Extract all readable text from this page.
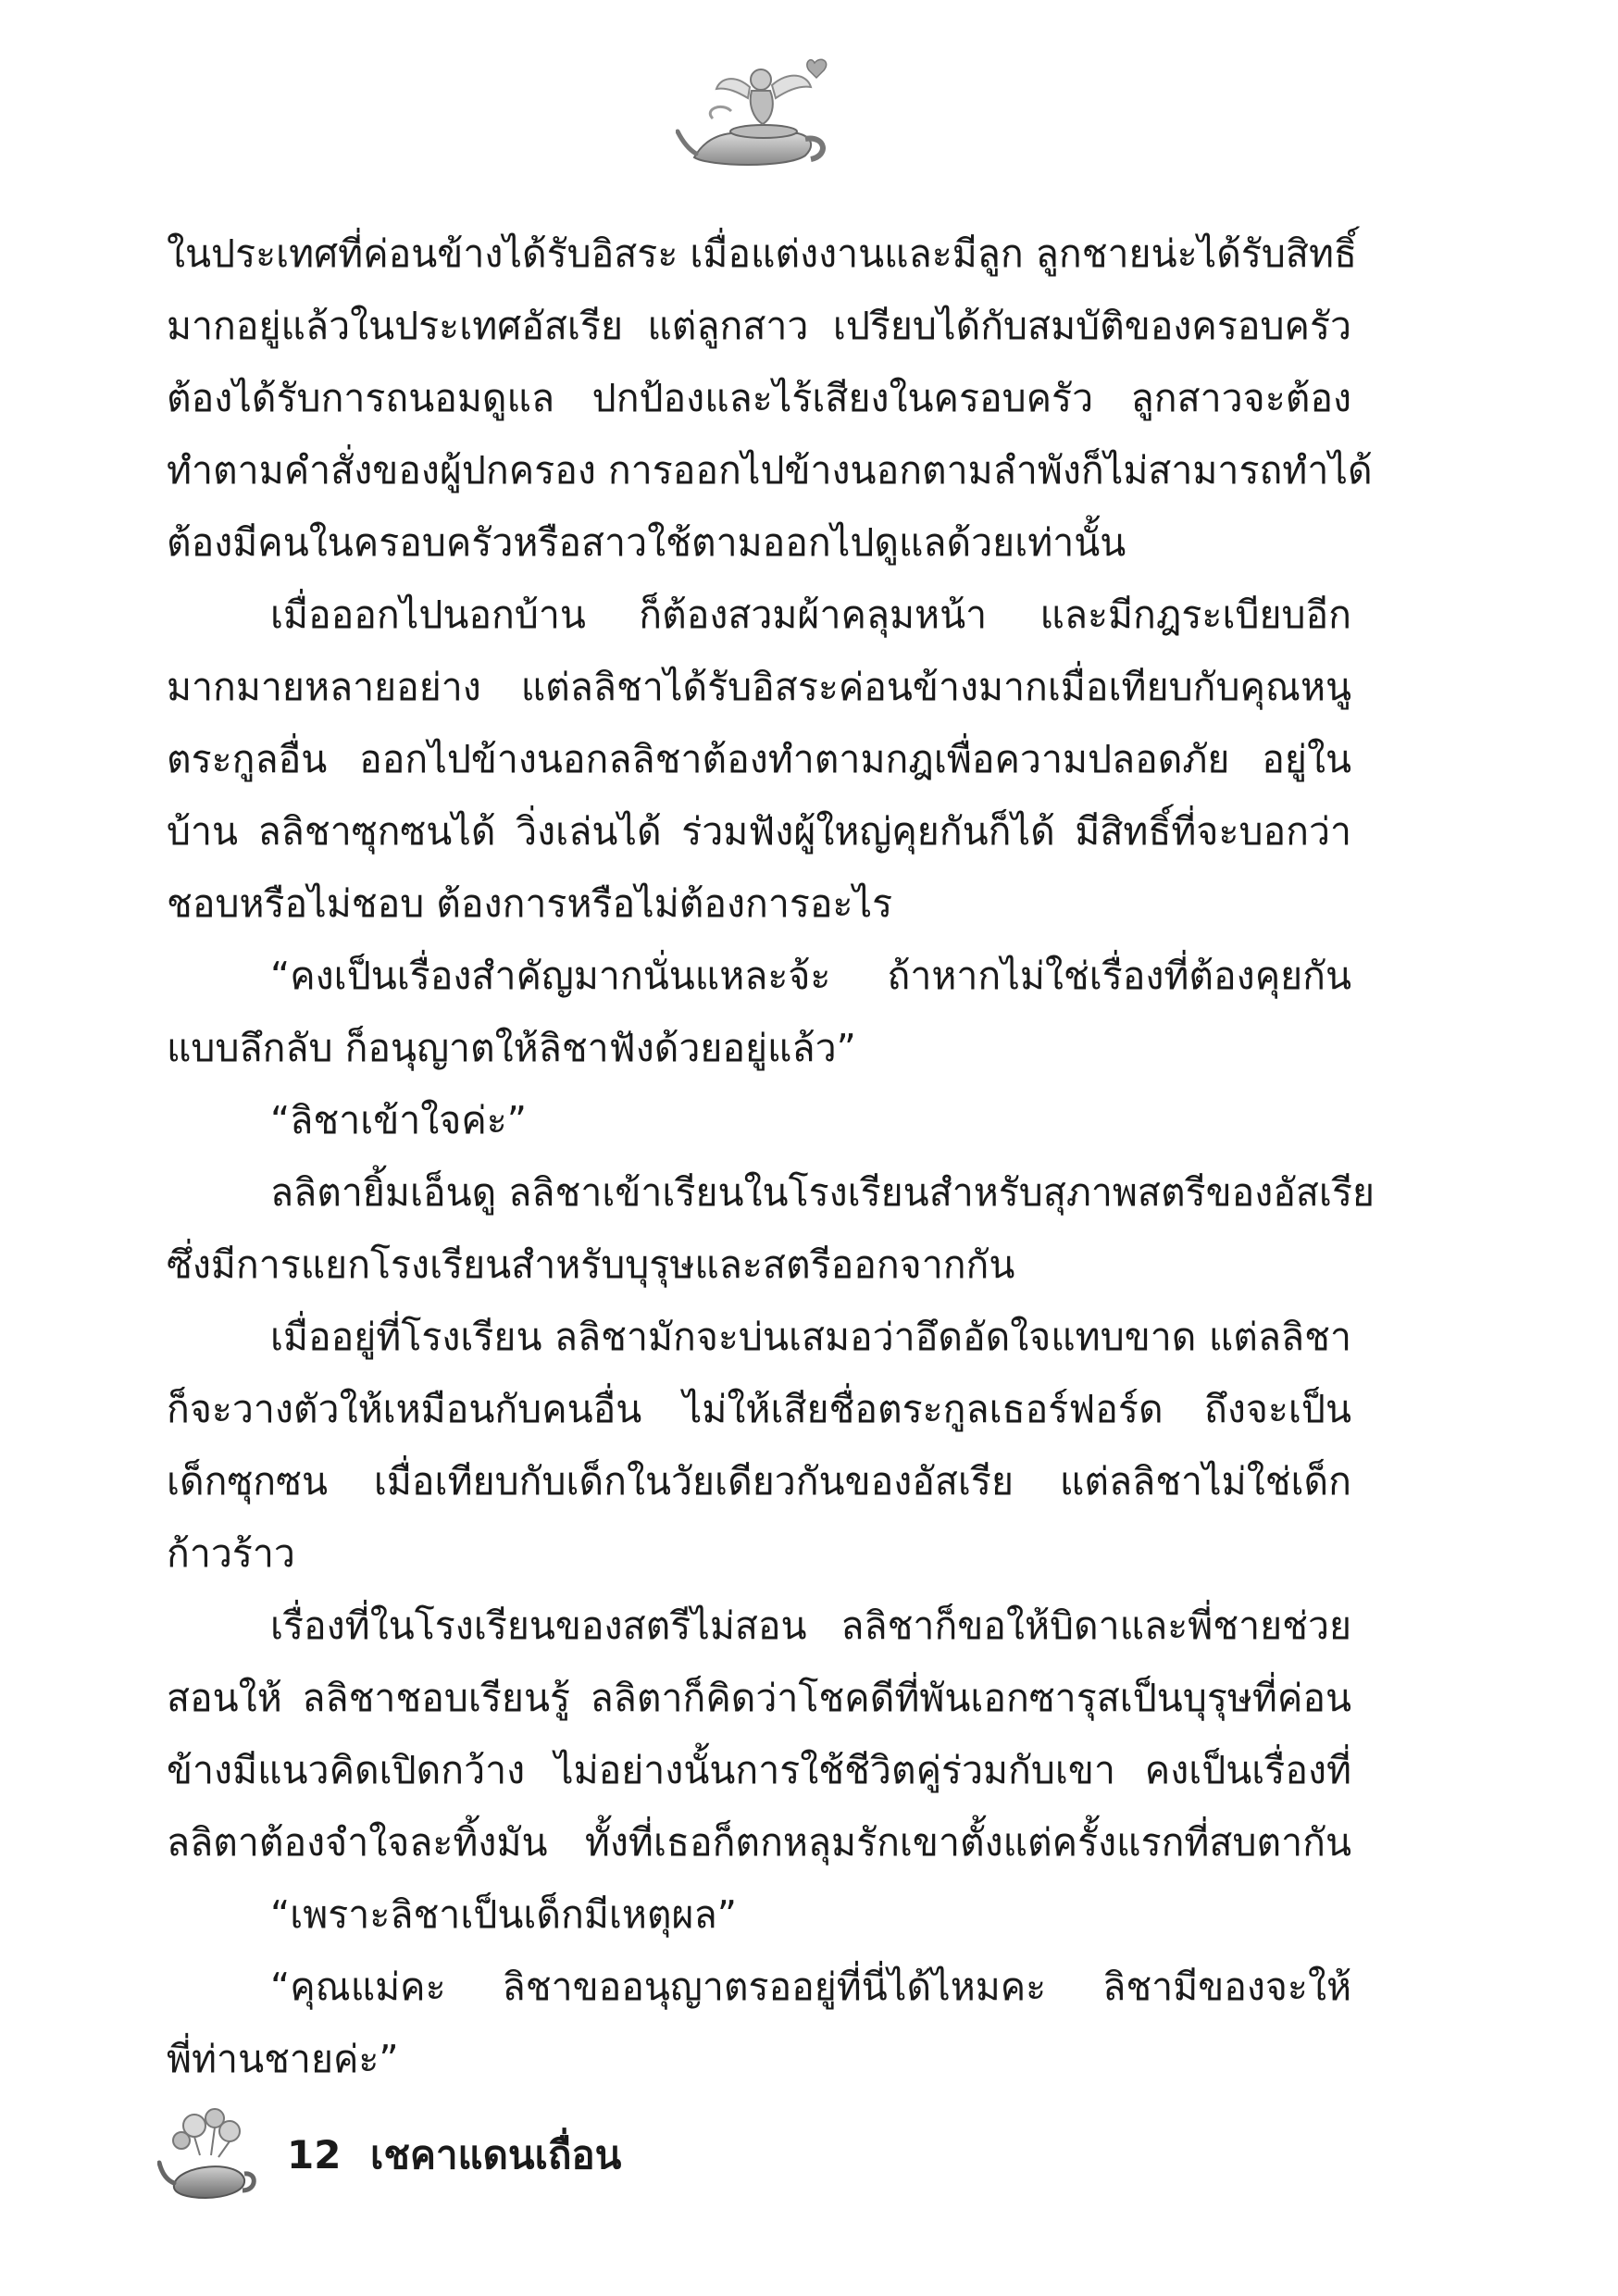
ในประเทศที่ค่อนข้างได้รับอิสระ เมื่อแต่งงานและมีลูก ลูกชายน่ะได้รับสิทธิ์
มากอยู่แล้วในประเทศอัสเรีย แต่ลูกสาว เปรียบได้กับสมบัติของครอบครัว
ต้องได้รับการถนอมดูแล ปกป้องและไร้เสียงในครอบครัว ลูกสาวจะต้อง
ทำตามคำสั่งของผู้ปกครอง การออกไปข้างนอกตามลำพังก็ไม่สามารถทำได้
ต้องมีคนในครอบครัวหรือสาวใช้ตามออกไปดูแลด้วยเท่านั้น
เมื่อออกไปนอกบ้าน ก็ต้องสวมผ้าคลุมหน้า และมีกฎระเบียบอีก
มากมายหลายอย่าง แต่ลลิชาได้รับอิสระค่อนข้างมากเมื่อเทียบกับคุณหนู
ตระกูลอื่น ออกไปข้างนอกลลิชาต้องทำตามกฎเพื่อความปลอดภัย อยู่ใน
บ้าน ลลิชาซุกซนได้ วิ่งเล่นได้ ร่วมฟังผู้ใหญ่คุยกันก็ได้ มีสิทธิ์ที่จะบอกว่า
ชอบหรือไม่ชอบ ต้องการหรือไม่ต้องการอะไร
“คงเป็นเรื่องสำคัญมากนั่นแหละจ้ะ ถ้าหากไม่ใช่เรื่องที่ต้องคุยกัน
แบบลึกลับ ก็อนุญาตให้ลิชาฟังด้วยอยู่แล้ว”
“ลิชาเข้าใจค่ะ”
ลลิตายิ้มเอ็นดู ลลิชาเข้าเรียนในโรงเรียนสำหรับสุภาพสตรีของอัสเรีย
ซึ่งมีการแยกโรงเรียนสำหรับบุรุษและสตรีออกจากกัน
เมื่ออยู่ที่โรงเรียน ลลิชามักจะบ่นเสมอว่าอึดอัดใจแทบขาด แต่ลลิชา
ก็จะวางตัวให้เหมือนกับคนอื่น ไม่ให้เสียชื่อตระกูลเธอร์ฟอร์ด ถึงจะเป็น
เด็กซุกซน เมื่อเทียบกับเด็กในวัยเดียวกันของอัสเรีย แต่ลลิชาไม่ใช่เด็ก
ก้าวร้าว
เรื่องที่ในโรงเรียนของสตรีไม่สอน ลลิชาก็ขอให้บิดาและพี่ชายช่วย
สอนให้ ลลิชาชอบเรียนรู้ ลลิตาก็คิดว่าโชคดีที่พันเอกซารุสเป็นบุรุษที่ค่อน
ข้างมีแนวคิดเปิดกว้าง ไม่อย่างนั้นการใช้ชีวิตคู่ร่วมกับเขา คงเป็นเรื่องที่
ลลิตาต้องจำใจละทิ้งมัน ทั้งที่เธอก็ตกหลุมรักเขาตั้งแต่ครั้งแรกที่สบตากัน
“เพราะลิชาเป็นเด็กมีเหตุผล”
“คุณแม่คะ ลิชาขออนุญาตรออยู่ที่นี่ได้ไหมคะ ลิชามีของจะให้
พี่ท่านชายค่ะ”
12 เชคาแดนเถื่อน
